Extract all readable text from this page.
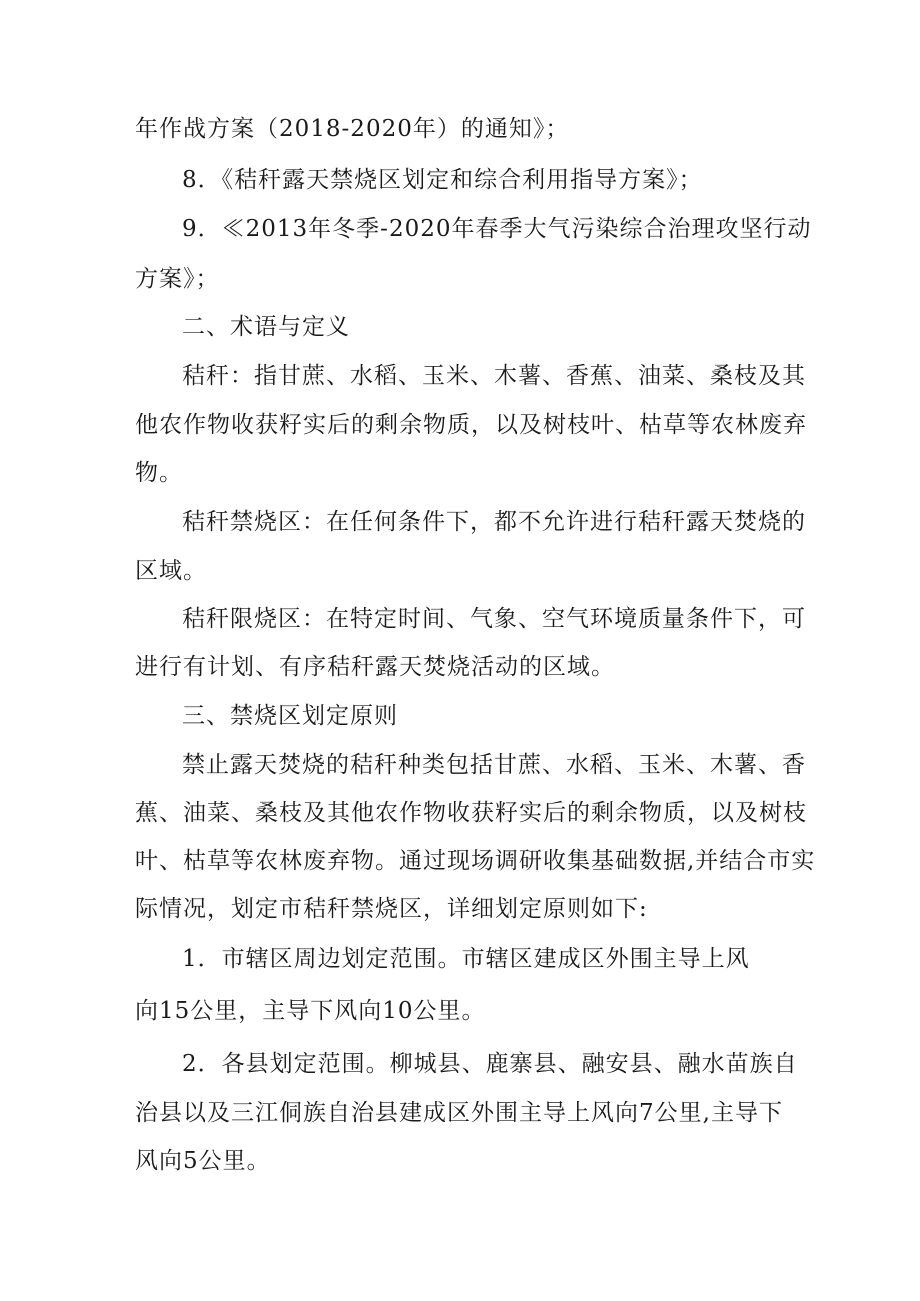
年作战方案（2018-2020年）的通知》；

8．《秸秆露天禁烧区划定和综合利用指导方案》；

9．≪2013年冬季-2020年春季大气污染综合治理攻坚行动

方案》；

二、术语与定义

秸秆：指甘蔗、水稻、玉米、木薯、香蕉、油菜、桑枝及其

他农作物收获籽实后的剩余物质，以及树枝叶、枯草等农林废弃

物。

秸秆禁烧区：在任何条件下，都不允许进行秸秆露天焚烧的

区域。

秸秆限烧区：在特定时间、气象、空气环境质量条件下，可

进行有计划、有序秸秆露天焚烧活动的区域。

三、禁烧区划定原则

禁止露天焚烧的秸秆种类包括甘蔗、水稻、玉米、木薯、香

蕉、油菜、桑枝及其他农作物收获籽实后的剩余物质，以及树枝

叶、枯草等农林废弃物。通过现场调研收集基础数据,并结合市实

际情况，划定市秸秆禁烧区，详细划定原则如下:

1．市辖区周边划定范围。市辖区建成区外围主导上风

向15公里，主导下风向10公里。

2．各县划定范围。柳城县、鹿寨县、融安县、融水苗族自

治县以及三江侗族自治县建成区外围主导上风向7公里,主导下

风向5公里。
